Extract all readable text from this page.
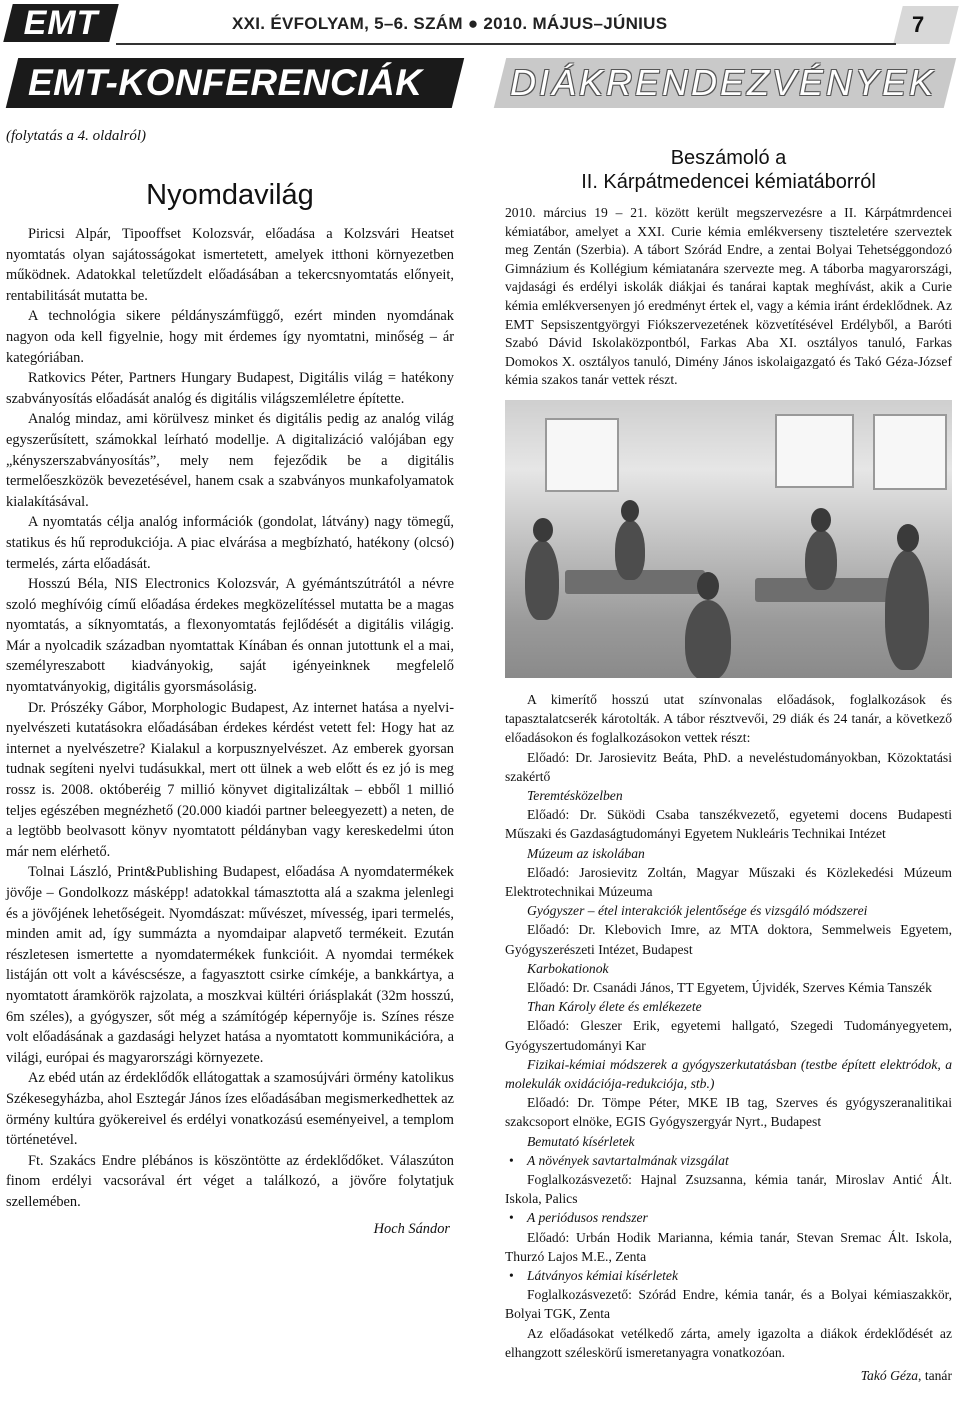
EMT	XXI. ÉVFOLYAM, 5–6. SZÁM ● 2010. MÁJUS–JÚNIUS	7
EMT-KONFERENCIÁK DIÁKRENDEZVÉNYEK
(folytatás a 4. oldalról)
Nyomdavilág

Piricsi Alpár, Tipooffset Kolozsvár, előadása a Kolzsvári Heatset nyomtatás olyan sajátosságokat ismertetett, amelyek itthoni környezetben működnek. Adatokkal teletűzdelt előadásában a tekercsnyomtatás előnyeit, rentabilitását mutatta be.

A technológia sikere példányszámfüggő, ezért minden nyomdának nagyon oda kell figyelnie, hogy mit érdemes így nyomtatni, minőség – ár kategóriában.

Ratkovics Péter, Partners Hungary Budapest, Digitális világ = hatékony szabványosítás előadását analóg és digitális világszemléletre építette.

Analóg mindaz, ami körülvesz minket és digitális pedig az analóg világ egyszerűsített, számokkal leírható modellje. A digitalizáció valójában egy „kényszerszabványosítás”, mely nem fejeződik be a digitális termelőeszközök bevezetésével, hanem csak a szabványos munkafolyamatok kialakításával.

A nyomtatás célja analóg információk (gondolat, látvány) nagy tömegű, statikus és hű reprodukciója. A piac elvárása a megbízható, hatékony (olcsó) termelés, zárta előadását.

Hosszú Béla, NIS Electronics Kolozsvár, A gyémántszútrától a névre szoló meghívóig című előadása érdekes megközelítéssel mutatta be a magas nyomtatás, a síknyomtatás, a flexonyomtatás fejlődését a digitális világig. Már a nyolcadik században nyomtattak Kínában és onnan jutottunk el a mai, személyreszabott kiadványokig, saját igényeinknek megfelelő nyomtatványokig, digitális gyorsmásolásig.

Dr. Prószéky Gábor, Morphologic Budapest, Az internet hatása a nyelvi-nyelvészeti kutatásokra előadásában érdekes kérdést vetett fel: Hogy hat az internet a nyelvészetre? Kialakul a korpusznyelvészet. Az emberek gyorsan tudnak segíteni nyelvi tudásukkal, mert ott ülnek a web előtt és ez jó is meg rossz is. 2008. októberéig 7 millió könyvet digitalizáltak – ebből 1 millió teljes egészében megnézhető (20.000 kiadói partner beleegyezett) a neten, de a legtöbb beolvasott könyv nyomtatott példányban vagy kereskedelmi úton már nem elérhető.

Tolnai László, Print&Publishing Budapest, előadása A nyomdatermékek jövője – Gondolkozz másképp! adatokkal támasztotta alá a szakma jelenlegi és a jövőjének lehetőségeit. Nyomdászat: művészet, mívesség, ipari termelés, minden amit ad, így summázta a nyomdaipar alapvető termékeit. Ezután részletesen ismertette a nyomdatermékek funkcióit. A nyomdai termékek listáján ott volt a kávéscsésze, a fagyasztott csirke címkéje, a bankkártya, a nyomtatott áramkörök rajzolata, a moszkvai kültéri óriásplakát (32m hosszú, 6m széles), a gyógyszer, sőt még a számítógép képernyője is. Színes része volt előadásának a gazdasági helyzet hatása a nyomtatott kommunikációra, a világi, európai és magyarországi környezete.

Az ebéd után az érdeklődők ellátogattak a szamosújvári örmény katolikus Székesegyházba, ahol Esztegár János ízes előadásában megismerkedhettek az örmény kultúra gyökereivel és erdélyi vonatkozású eseményeivel, a templom történetével.

Ft. Szakács Endre plébános is köszöntötte az érdeklődőket. Válaszúton finom erdélyi vacsorával ért véget a találkozó, a jövőre folytatjuk szellemében.

Hoch Sándor
Beszámoló a
II. Kárpátmedencei kémiatáborról

2010. március 19 – 21. között került megszervezésre a II. Kárpátmrdencei kémiatábor, amelyet a XXI. Curie kémia emlékverseny tiszteletére szerveztek meg Zentán (Szerbia). A tábort Szórád Endre, a zentai Bolyai Tehetséggondozó Gimnázium és Kollégium kémiatanára szervezte meg. A táborba magyarországi, vajdasági és erdélyi iskolák diákjai és tanárai kaptak meghívást, akik a Curie kémia emlékversenyen jó eredményt értek el, vagy a kémia iránt érdeklődnek. Az EMT Sepsiszentgyörgyi Fiókszervezetének közvetítésével Erdélyből, a Baróti Szabó Dávid Iskolaközpontból, Farkas Aba XI. osztályos tanuló, Farkas Domokos X. osztályos tanuló, Dimény János iskolaigazgató és Takó Géza-József kémia szakos tanár vettek részt.

A kimerítő hosszú utat színvonalas előadások, foglalkozások és tapasztalatcserék károtolták. A tábor résztvevői, 29 diák és 24 tanár, a következő előadásokon és foglalkozásokon vettek részt:

Előadó: Dr. Jarosievitz Beáta, PhD. a neveléstudományokban, Közoktatási szakértő

Teremtésközelben

Előadó: Dr. Süködi Csaba tanszékvezető, egyetemi docens Budapesti Műszaki és Gazdaságtudományi Egyetem Nukleáris Technikai Intézet

Múzeum az iskolában

Előadó: Jarosievitz Zoltán, Magyar Műszaki és Közlekedési Múzeum Elektrotechnikai Múzeuma

Gyógyszer – étel interakciók jelentősége és vizsgáló módszerei

Előadó: Dr. Klebovich Imre, az MTA doktora, Semmelweis Egyetem, Gyógyszerészeti Intézet, Budapest

Karbokationok

Előadó: Dr. Csanádi János, TT Egyetem, Újvidék, Szerves Kémia Tanszék

Than Károly élete és emlékezete

Előadó: Gleszer Erik, egyetemi hallgató, Szegedi Tudományegyetem, Gyógyszertudományi Kar

Fizikai-kémiai módszerek a gyógyszerkutatásban (testbe épített elektródok, a molekulák oxidációja-redukciója, stb.)

Előadó: Dr. Tömpe Péter, MKE IB tag, Szerves és gyógyszeranalitikai szakcsoport elnöke, EGIS Gyógyszergyár Nyrt., Budapest

Bemutató kísérletek

• A növények savtartalmának vizsgálat

Foglalkozásvezető: Hajnal Zsuzsanna, kémia tanár, Miroslav Antić Ált. Iskola, Palics

• A periódusos rendszer

Előadó: Urbán Hodik Marianna, kémia tanár, Stevan Sremac Ált. Iskola, Thurzó Lajos M.E., Zenta

• Látványos kémiai kísérletek

Foglalkozásvezető: Szórád Endre, kémia tanár, és a Bolyai kémiaszakkör, Bolyai TGK, Zenta

Az előadásokat vetélkedő zárta, amely igazolta a diákok érdeklődését az elhangzott széleskörű ismeretanyagra vonatkozóan.

Takó Géza, tanár
